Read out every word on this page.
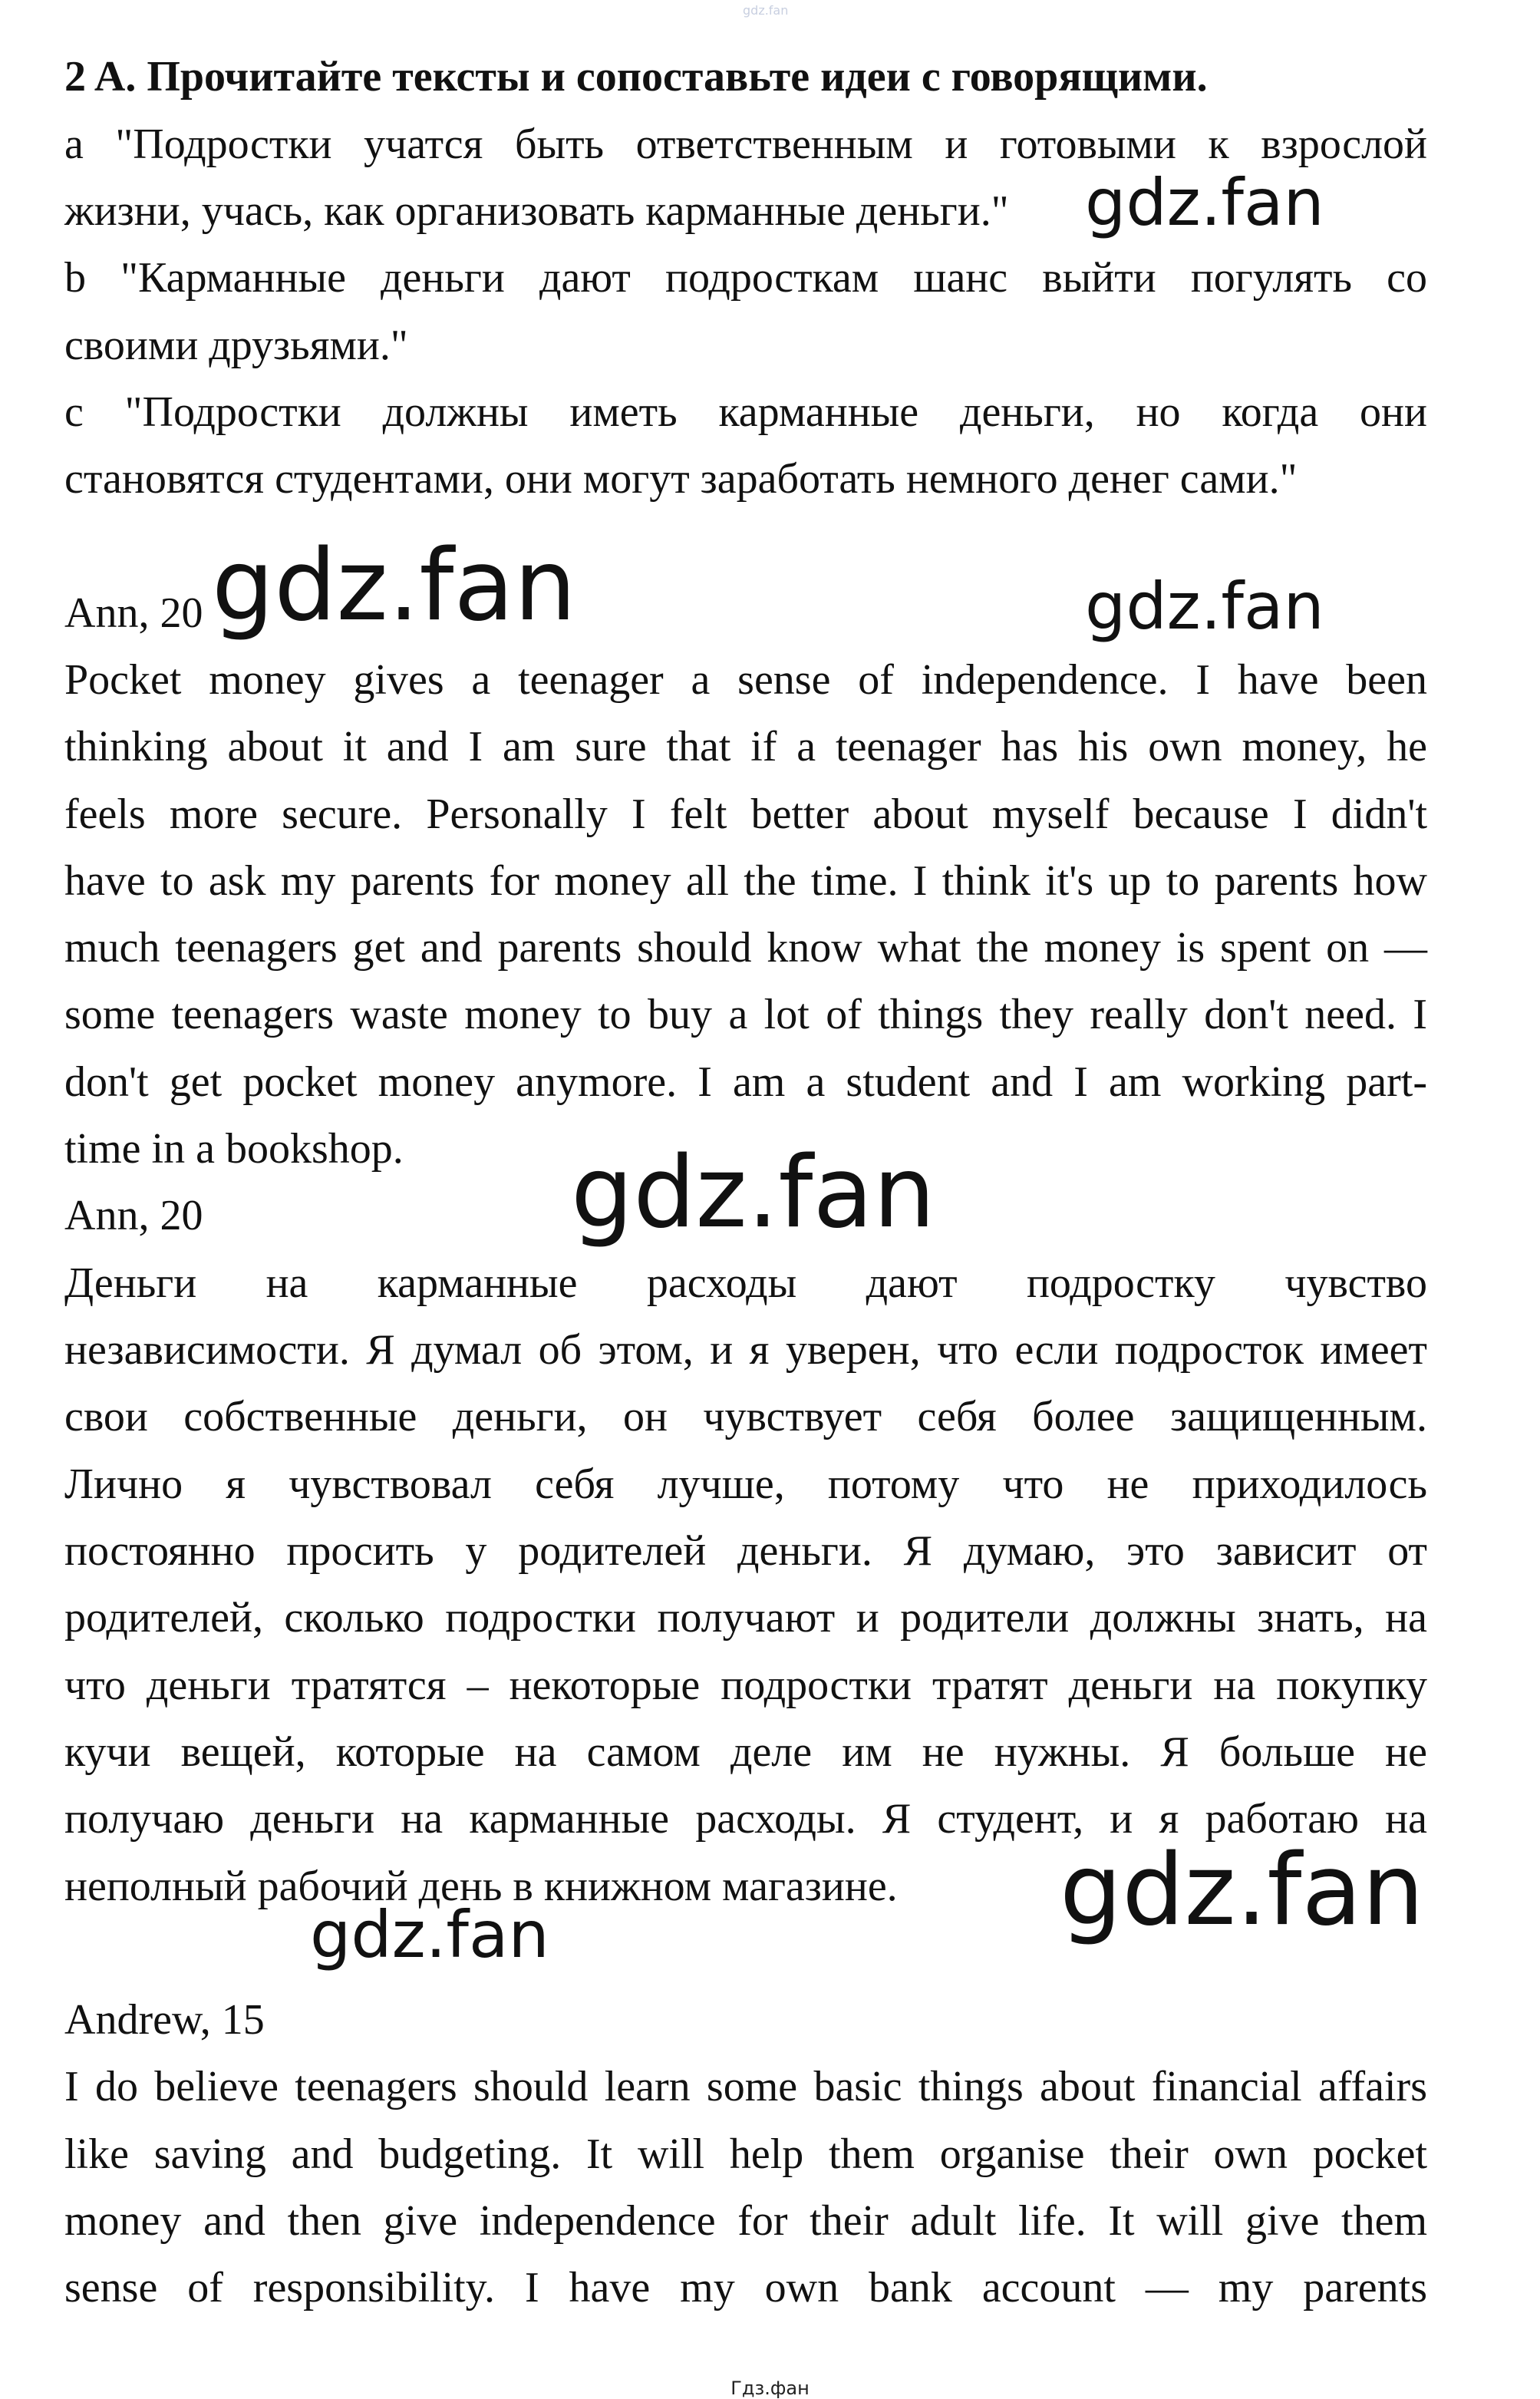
gdz.fan
2 A. Прочитайте тексты и сопоставьте идеи с говорящими.
a "Подростки учатся быть ответственным и готовыми к взрослой
жизни, учась, как организовать карманные деньги."
b "Карманные деньги дают подросткам шанс выйти погулять со
своими друзьями."
c "Подростки должны иметь карманные деньги, но когда они
становятся студентами, они могут заработать немного денег сами."
Ann, 20
Pocket money gives a teenager a sense of independence. I have been
thinking about it and I am sure that if a teenager has his own money, he
feels more secure. Personally I felt better about myself because I didn't
have to ask my parents for money all the time. I think it's up to parents how
much teenagers get and parents should know what the money is spent on —
some teenagers waste money to buy a lot of things they really don't need. I
don't get pocket money anymore. I am a student and I am working part-
time in a bookshop.
Ann, 20
Деньги на карманные расходы дают подростку чувство
независимости. Я думал об этом, и я уверен, что если подросток имеет
свои собственные деньги, он чувствует себя более защищенным.
Лично я чувствовал себя лучше, потому что не приходилось
постоянно просить у родителей деньги. Я думаю, это зависит от
родителей, сколько подростки получают и родители должны знать, на
что деньги тратятся – некоторые подростки тратят деньги на покупку
кучи вещей, которые на самом деле им не нужны. Я больше не
получаю деньги на карманные расходы. Я студент, и я работаю на
неполный рабочий день в книжном магазине.
Andrew, 15
I do believe teenagers should learn some basic things about financial affairs
like saving and budgeting. It will help them organise their own pocket
money and then give independence for their adult life. It will give them
sense of responsibility. I have my own bank account — my parents
gdz.fan
gdz.fan	gdz.fan
gdz.fan
gdz.fan
gdz.fan
Гдз.фан
